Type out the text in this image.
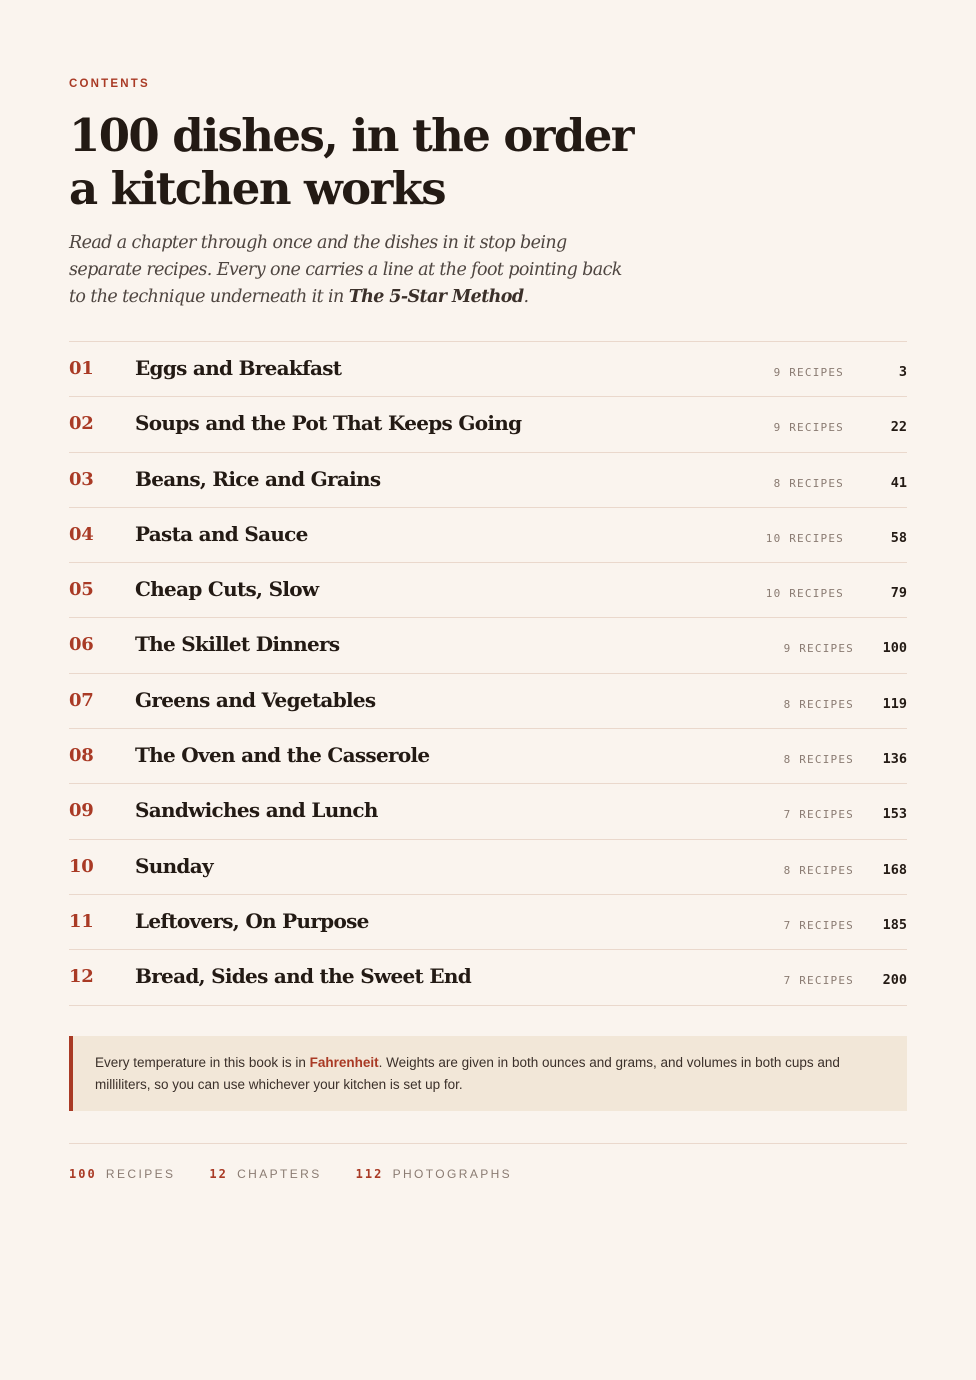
CONTENTS
100 dishes, in the order
a kitchen works

Read a chapter through once and the dishes in it stop being
separate recipes. Every one carries a line at the foot pointing back
to the technique underneath it in The 5-Star Method.

01 Eggs and Breakfast	9 RECIPES	3
02 Soups and the Pot That Keeps Going	9 RECIPES	22
03 Beans, Rice and Grains	8 RECIPES	41
04 Pasta and Sauce	10 RECIPES	58
05 Cheap Cuts, Slow	10 RECIPES	79
06 The Skillet Dinners	9 RECIPES 100
07 Greens and Vegetables	8 RECIPES 119
08 The Oven and the Casserole	8 RECIPES 136
09 Sandwiches and Lunch	7 RECIPES 153
10 Sunday	8 RECIPES 168
11 Leftovers, On Purpose	7 RECIPES 185
12 Bread, Sides and the Sweet End	7 RECIPES 200
Every temperature in this book is in Fahrenheit. Weights are given in both ounces and grams, and volumes in both cups and
milliliters, so you can use whichever your kitchen is set up for.
100 RECIPES	12 CHAPTERS	112 PHOTOGRAPHS
